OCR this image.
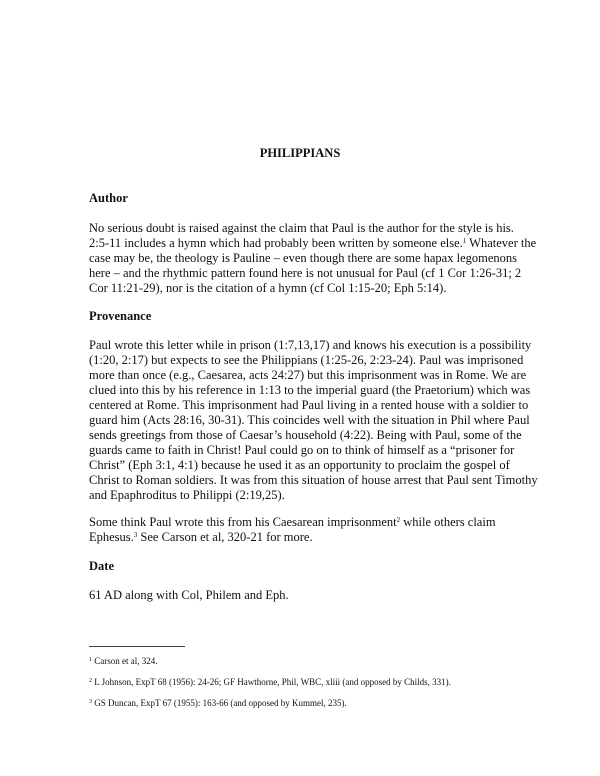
PHILIPPIANS
Author
No serious doubt is raised against the claim that Paul is the author for the style is his.
2:5-11 includes a hymn which had probably been written by someone else.$^1$ Whatever the
case may be, the theology is Pauline – even though there are some hapax legomenons
here – and the rhythmic pattern found here is not unusual for Paul (cf 1 Cor 1:26-31; 2
Cor 11:21-29), nor is the citation of a hymn (cf Col 1:15-20; Eph 5:14).
Provenance
Paul wrote this letter while in prison (1:7,13,17) and knows his execution is a possibility
(1:20, 2:17) but expects to see the Philippians (1:25-26, 2:23-24). Paul was imprisoned
more than once (e.g., Caesarea, acts 24:27) but this imprisonment was in Rome. We are
clued into this by his reference in 1:13 to the imperial guard (the Praetorium) which was
centered at Rome. This imprisonment had Paul living in a rented house with a soldier to
guard him (Acts 28:16, 30-31). This coincides well with the situation in Phil where Paul
sends greetings from those of Caesar’s household (4:22). Being with Paul, some of the
guards came to faith in Christ! Paul could go on to think of himself as a “prisoner for
Christ” (Eph 3:1, 4:1) because he used it as an opportunity to proclaim the gospel of
Christ to Roman soldiers. It was from this situation of house arrest that Paul sent Timothy
and Epaphroditus to Philippi (2:19,25).
Some think Paul wrote this from his Caesarean imprisonment$^2$ while others claim
Ephesus.$^3$ See Carson et al, 320-21 for more.
Date
61 AD along with Col, Philem and Eph.
$^1$ Carson et al, 324.
$^2$ L Johnson, ExpT 68 (1956): 24-26; GF Hawthorne, Phil, WBC, xliii (and opposed by Childs, 331).
$^3$ GS Duncan, ExpT 67 (1955): 163-66 (and opposed by Kummel, 235).
